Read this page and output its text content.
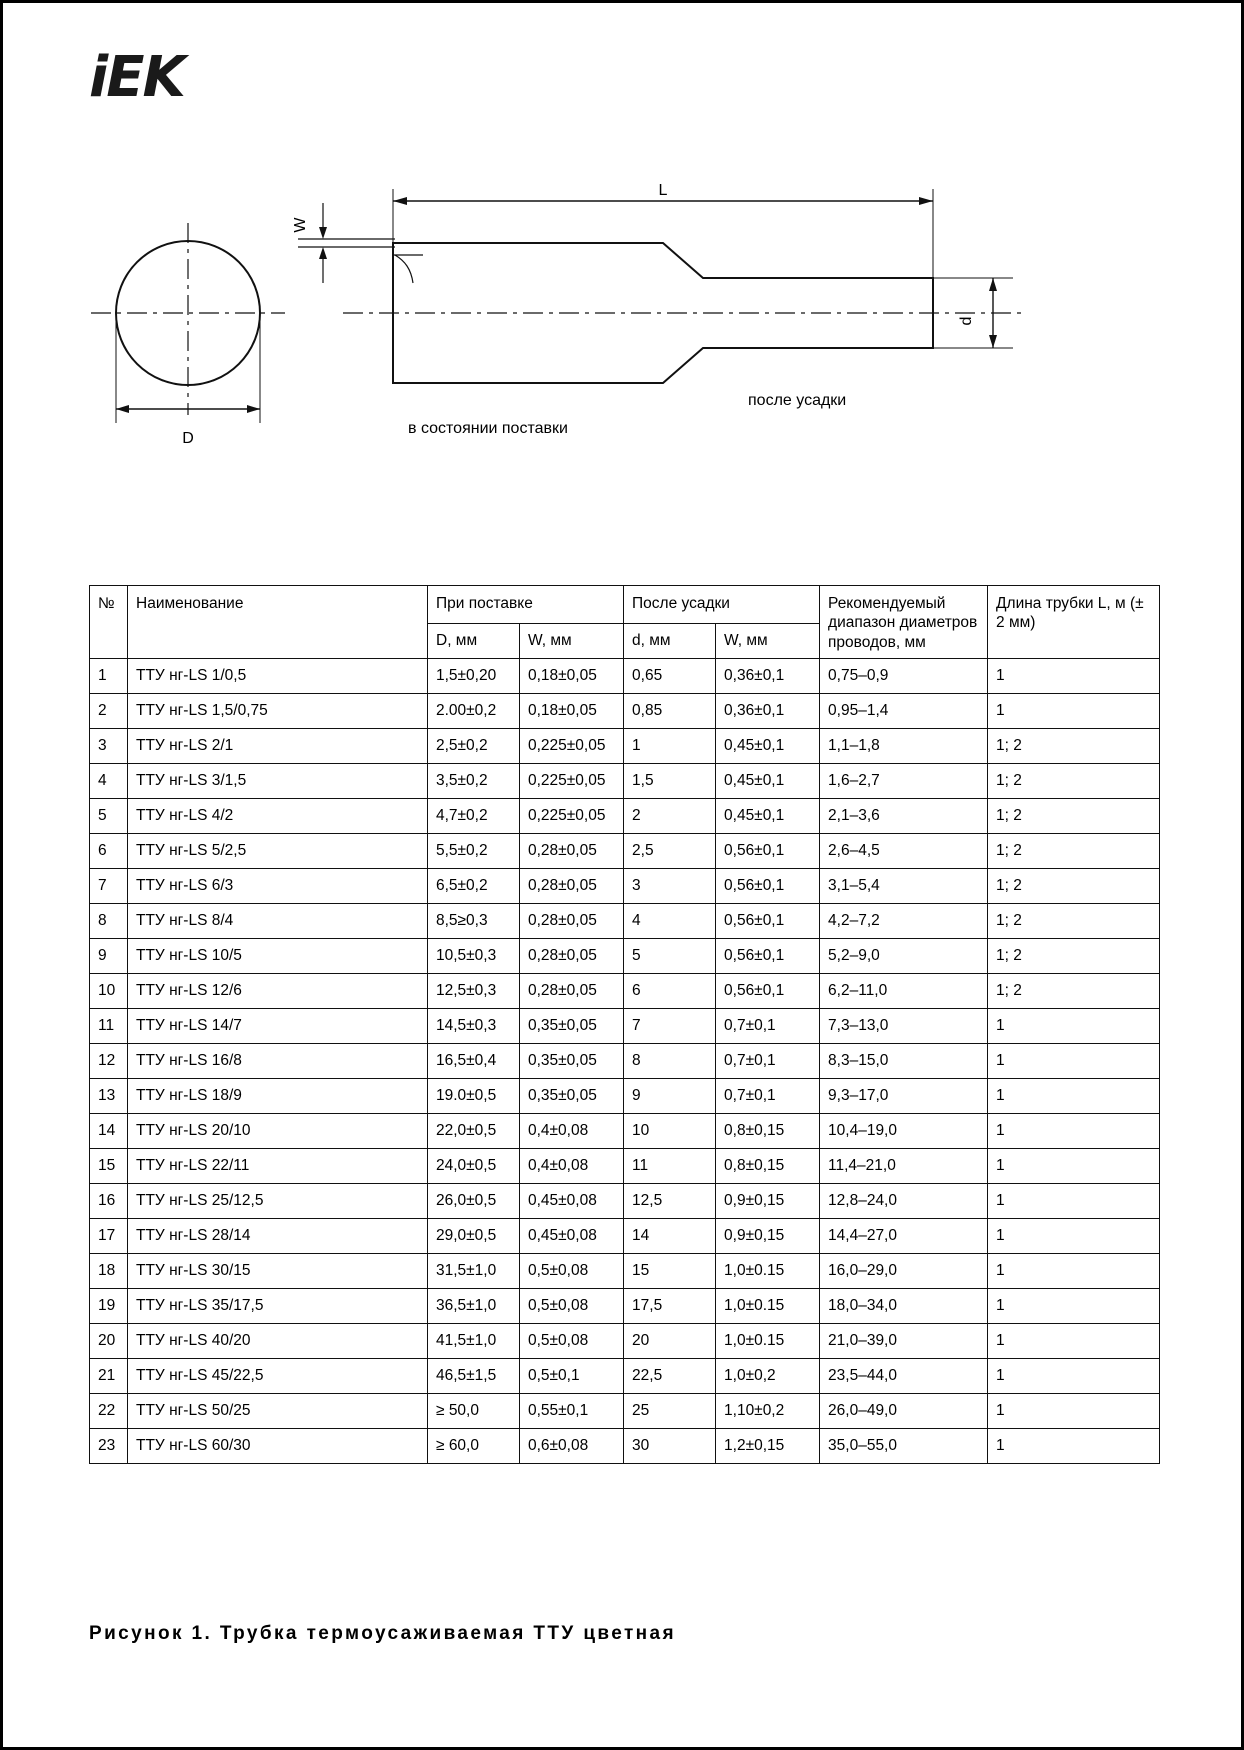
iEK
L
D
d
W
в состоянии поставки
после усадки
№	Наименование	При поставке		После усадки		Рекомендуемый диапазон диаметров проводов, мм	Длина трубки L, м (± 2 мм)
		D, мм	W, мм	d, мм	W, мм		
1	ТТУ нг-LS 1/0,5	1,5±0,20	0,18±0,05	0,65	0,36±0,1	0,75–0,9	1
2	ТТУ нг-LS 1,5/0,75	2.00±0,2	0,18±0,05	0,85	0,36±0,1	0,95–1,4	1
3	ТТУ нг-LS 2/1	2,5±0,2	0,225±0,05	1	0,45±0,1	1,1–1,8	1; 2
4	ТТУ нг-LS 3/1,5	3,5±0,2	0,225±0,05	1,5	0,45±0,1	1,6–2,7	1; 2
5	ТТУ нг-LS 4/2	4,7±0,2	0,225±0,05	2	0,45±0,1	2,1–3,6	1; 2
6	ТТУ нг-LS 5/2,5	5,5±0,2	0,28±0,05	2,5	0,56±0,1	2,6–4,5	1; 2
7	ТТУ нг-LS 6/3	6,5±0,2	0,28±0,05	3	0,56±0,1	3,1–5,4	1; 2
8	ТТУ нг-LS 8/4	8,5≥0,3	0,28±0,05	4	0,56±0,1	4,2–7,2	1; 2
9	ТТУ нг-LS 10/5	10,5±0,3	0,28±0,05	5	0,56±0,1	5,2–9,0	1; 2
10	ТТУ нг-LS 12/6	12,5±0,3	0,28±0,05	6	0,56±0,1	6,2–11,0	1; 2
11	ТТУ нг-LS 14/7	14,5±0,3	0,35±0,05	7	0,7±0,1	7,3–13,0	1
12	ТТУ нг-LS 16/8	16,5±0,4	0,35±0,05	8	0,7±0,1	8,3–15,0	1
13	ТТУ нг-LS 18/9	19.0±0,5	0,35±0,05	9	0,7±0,1	9,3–17,0	1
14	ТТУ нг-LS 20/10	22,0±0,5	0,4±0,08	10	0,8±0,15	10,4–19,0	1
15	ТТУ нг-LS 22/11	24,0±0,5	0,4±0,08	11	0,8±0,15	11,4–21,0	1
16	ТТУ нг-LS 25/12,5	26,0±0,5	0,45±0,08	12,5	0,9±0,15	12,8–24,0	1
17	ТТУ нг-LS 28/14	29,0±0,5	0,45±0,08	14	0,9±0,15	14,4–27,0	1
18	ТТУ нг-LS 30/15	31,5±1,0	0,5±0,08	15	1,0±0.15	16,0–29,0	1
19	ТТУ нг-LS 35/17,5	36,5±1,0	0,5±0,08	17,5	1,0±0.15	18,0–34,0	1
20	ТТУ нг-LS 40/20	41,5±1,0	0,5±0,08	20	1,0±0.15	21,0–39,0	1
21	ТТУ нг-LS 45/22,5	46,5±1,5	0,5±0,1	22,5	1,0±0,2	23,5–44,0	1
22	ТТУ нг-LS 50/25	≥ 50,0	0,55±0,1	25	1,10±0,2	26,0–49,0	1
23	ТТУ нг-LS 60/30	≥ 60,0	0,6±0,08	30	1,2±0,15	35,0–55,0	1
Рисунок 1. Трубка термоусаживаемая ТТУ цветная
